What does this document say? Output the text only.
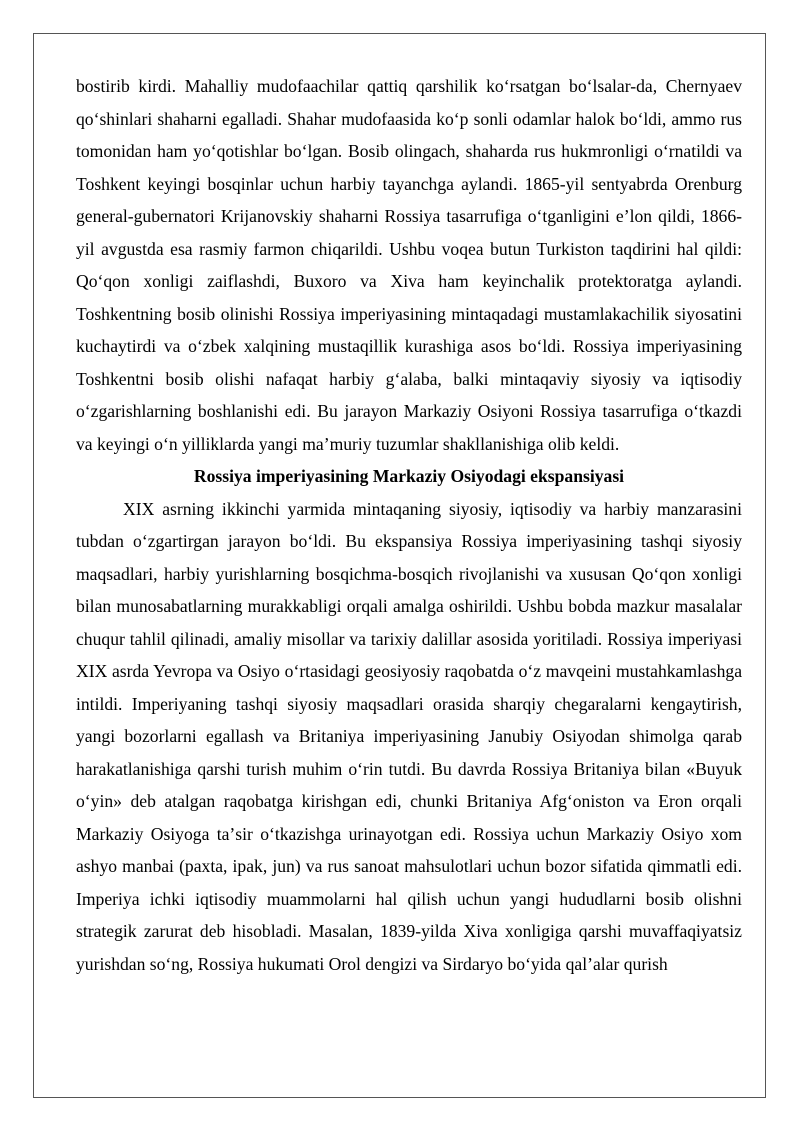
bostirib kirdi. Mahalliy mudofaachilar qattiq qarshilik koʻrsatgan boʻlsalar-da, Chernyaev qoʻshinlari shaharni egalladi. Shahar mudofaasida koʻp sonli odamlar halok boʻldi, ammo rus tomonidan ham yoʻqotishlar boʻlgan. Bosib olingach, shaharda rus hukmronligi oʻrnatildi va Toshkent keyingi bosqinlar uchun harbiy tayanchga aylandi. 1865-yil sentyabrda Orenburg general-gubernatori Krijanovskiy shaharni Rossiya tasarrufiga oʻtganligini eʼlon qildi, 1866-yil avgustda esa rasmiy farmon chiqarildi. Ushbu voqea butun Turkiston taqdirini hal qildi: Qoʻqon xonligi zaiflashdi, Buxoro va Xiva ham keyinchalik protektoratga aylandi. Toshkentning bosib olinishi Rossiya imperiyasining mintaqadagi mustamlakachilik siyosatini kuchaytirdi va oʻzbek xalqining mustaqillik kurashiga asos boʻldi. Rossiya imperiyasining Toshkentni bosib olishi nafaqat harbiy gʻalaba, balki mintaqaviy siyosiy va iqtisodiy oʻzgarishlarning boshlanishi edi. Bu jarayon Markaziy Osiyoni Rossiya tasarrufiga oʻtkazdi va keyingi oʻn yilliklarda yangi maʼmuriy tuzumlar shakllanishiga olib keldi.

Rossiya imperiyasining Markaziy Osiyodagi ekspansiyasi

XIX asrning ikkinchi yarmida mintaqaning siyosiy, iqtisodiy va harbiy manzarasini tubdan oʻzgartirgan jarayon boʻldi. Bu ekspansiya Rossiya imperiyasining tashqi siyosiy maqsadlari, harbiy yurishlarning bosqichma-bosqich rivojlanishi va xususan Qoʻqon xonligi bilan munosabatlarning murakkabligi orqali amalga oshirildi. Ushbu bobda mazkur masalalar chuqur tahlil qilinadi, amaliy misollar va tarixiy dalillar asosida yoritiladi. Rossiya imperiyasi XIX asrda Yevropa va Osiyo oʻrtasidagi geosiyosiy raqobatda oʻz mavqeini mustahkamlashga intildi. Imperiyaning tashqi siyosiy maqsadlari orasida sharqiy chegaralarni kengaytirish, yangi bozorlarni egallash va Britaniya imperiyasining Janubiy Osiyodan shimolga qarab harakatlanishiga qarshi turish muhim oʻrin tutdi. Bu davrda Rossiya Britaniya bilan «Buyuk oʻyin» deb atalgan raqobatga kirishgan edi, chunki Britaniya Afgʻoniston va Eron orqali Markaziy Osiyoga taʼsir oʻtkazishga urinayotgan edi. Rossiya uchun Markaziy Osiyo xom ashyo manbai (paxta, ipak, jun) va rus sanoat mahsulotlari uchun bozor sifatida qimmatli edi. Imperiya ichki iqtisodiy muammolarni hal qilish uchun yangi hududlarni bosib olishni strategik zarurat deb hisobladi. Masalan, 1839-yilda Xiva xonligiga qarshi muvaffaqiyatsiz yurishdan soʻng, Rossiya hukumati Orol dengizi va Sirdaryo boʻyida qalʼalar qurish
